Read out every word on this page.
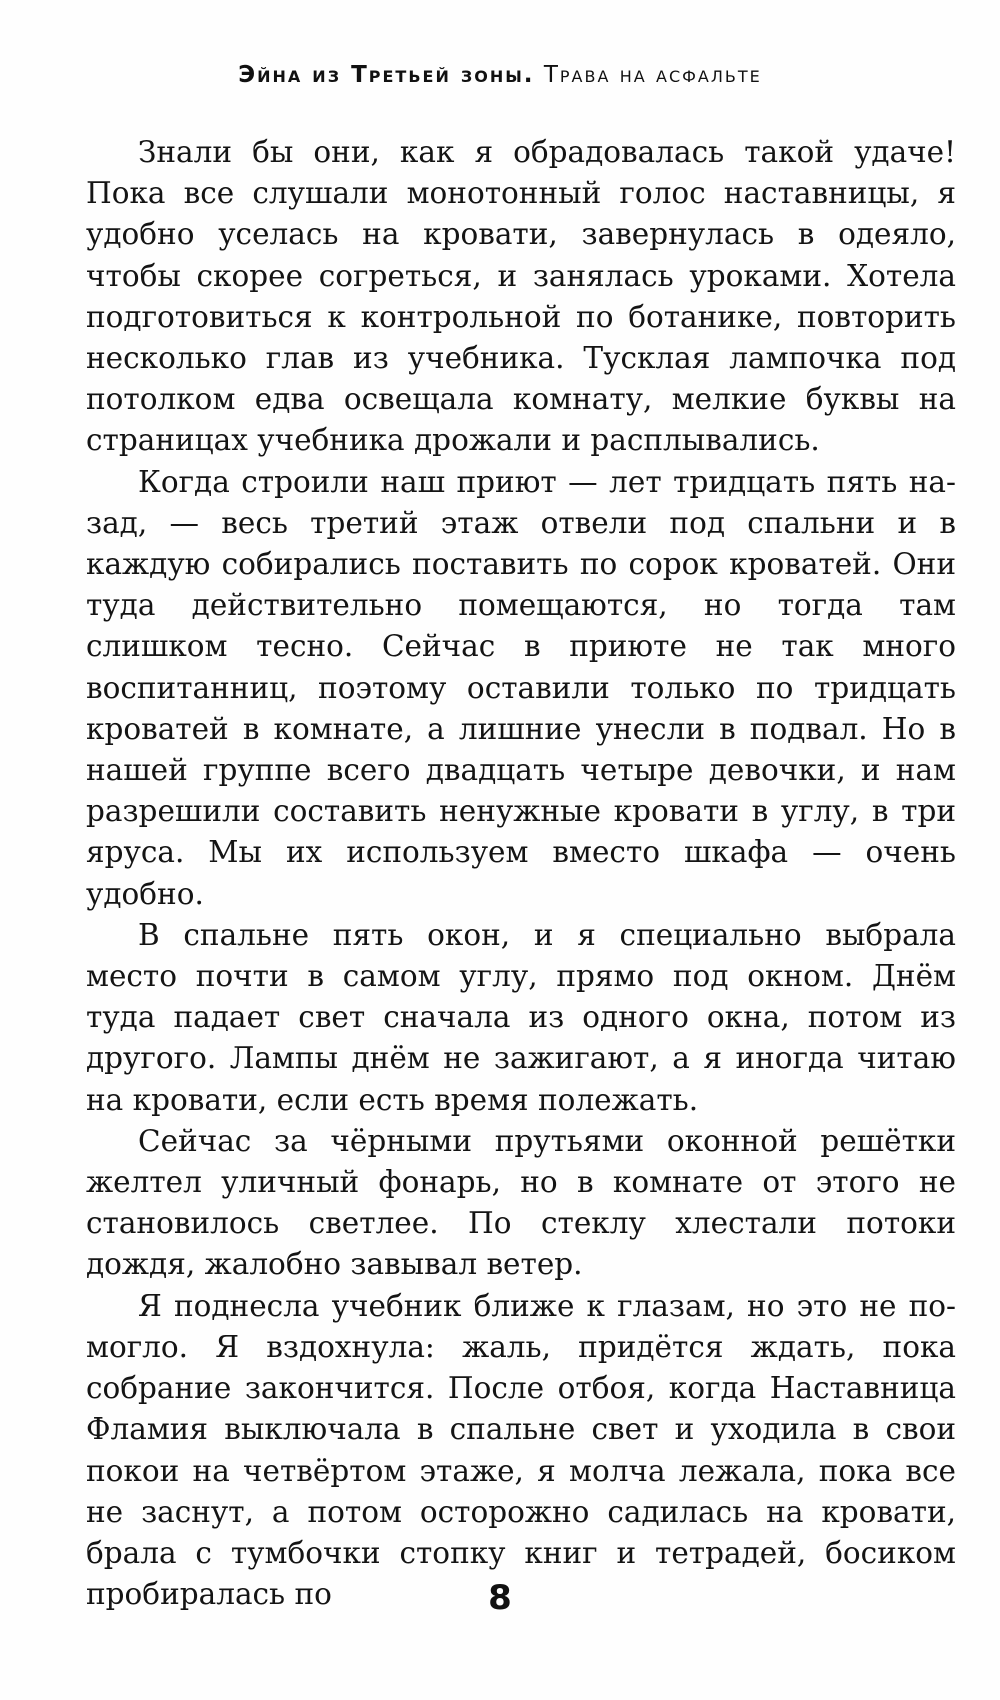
Эйна из Третьей зоны. Трава на асфальте

Знали бы они, как я обрадовалась такой удаче! Пока все слушали монотонный голос наставницы, я удобно уселась на кровати, завернулась в одеяло, чтобы скорее согреться, и занялась уроками. Хотела подготовиться к контрольной по ботанике, повторить несколько глав из учебника. Тусклая лампочка под потолком едва освещала комнату, мелкие буквы на страницах учебника дрожали и расплывались.

Когда строили наш приют — лет тридцать пять назад, — весь третий этаж отвели под спальни и в каждую собирались поставить по сорок кроватей. Они туда действительно помещаются, но тогда там слишком тесно. Сейчас в приюте не так много воспитанниц, поэтому оставили только по тридцать кроватей в комнате, а лишние унесли в подвал. Но в нашей группе всего двадцать четыре девочки, и нам разрешили составить ненужные кровати в углу, в три яруса. Мы их используем вместо шкафа — очень удобно.

В спальне пять окон, и я специально выбрала место почти в самом углу, прямо под окном. Днём туда падает свет сначала из одного окна, потом из другого. Лампы днём не зажигают, а я иногда читаю на кровати, если есть время полежать.

Сейчас за чёрными прутьями оконной решётки желтел уличный фонарь, но в комнате от этого не становилось светлее. По стеклу хлестали потоки дождя, жалобно завывал ветер.

Я поднесла учебник ближе к глазам, но это не помогло. Я вздохнула: жаль, придётся ждать, пока собрание закончится. После отбоя, когда Наставница Фламия выключала в спальне свет и уходила в свои покои на четвёртом этаже, я молча лежала, пока все не заснут, а потом осторожно садилась на кровати, брала с тумбочки стопку книг и тетрадей, босиком пробиралась по	8
